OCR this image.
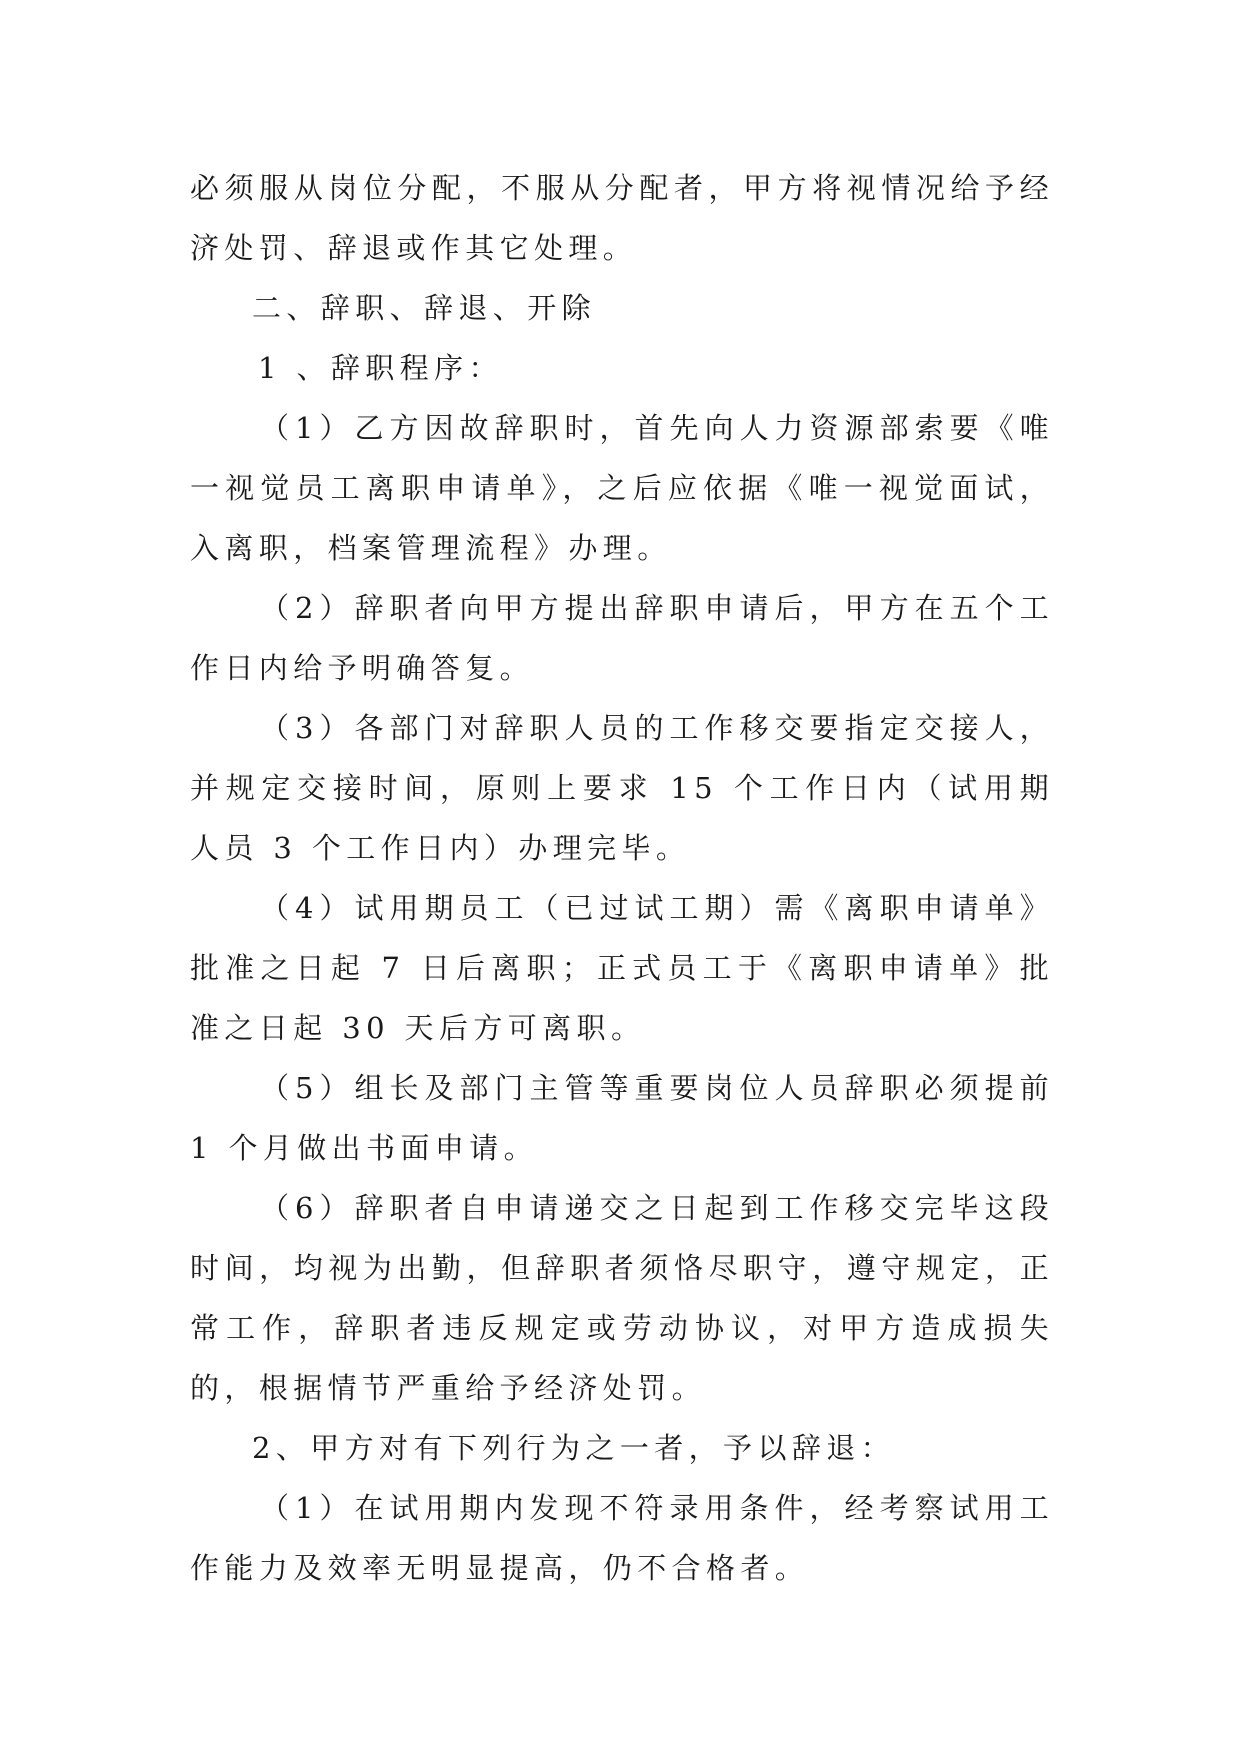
必须服从岗位分配，不服从分配者，甲方将视情况给予经济处罚、辞退或作其它处理。

二、辞职、辞退、开除

1 、辞职程序：

（1）乙方因故辞职时，首先向人力资源部索要《唯一视觉员工离职申请单》，之后应依据《唯一视觉面试，入离职，档案管理流程》办理。

（2）辞职者向甲方提出辞职申请后，甲方在五个工作日内给予明确答复。

（3）各部门对辞职人员的工作移交要指定交接人，并规定交接时间，原则上要求 15 个工作日内（试用期人员 3 个工作日内）办理完毕。

（4）试用期员工（已过试工期）需《离职申请单》批准之日起 7 日后离职；正式员工于《离职申请单》批准之日起 30 天后方可离职。

（5）组长及部门主管等重要岗位人员辞职必须提前 1 个月做出书面申请。

（6）辞职者自申请递交之日起到工作移交完毕这段时间，均视为出勤，但辞职者须恪尽职守，遵守规定，正常工作，辞职者违反规定或劳动协议，对甲方造成损失的，根据情节严重给予经济处罚。

2、甲方对有下列行为之一者，予以辞退：

（1）在试用期内发现不符录用条件，经考察试用工作能力及效率无明显提高，仍不合格者。
